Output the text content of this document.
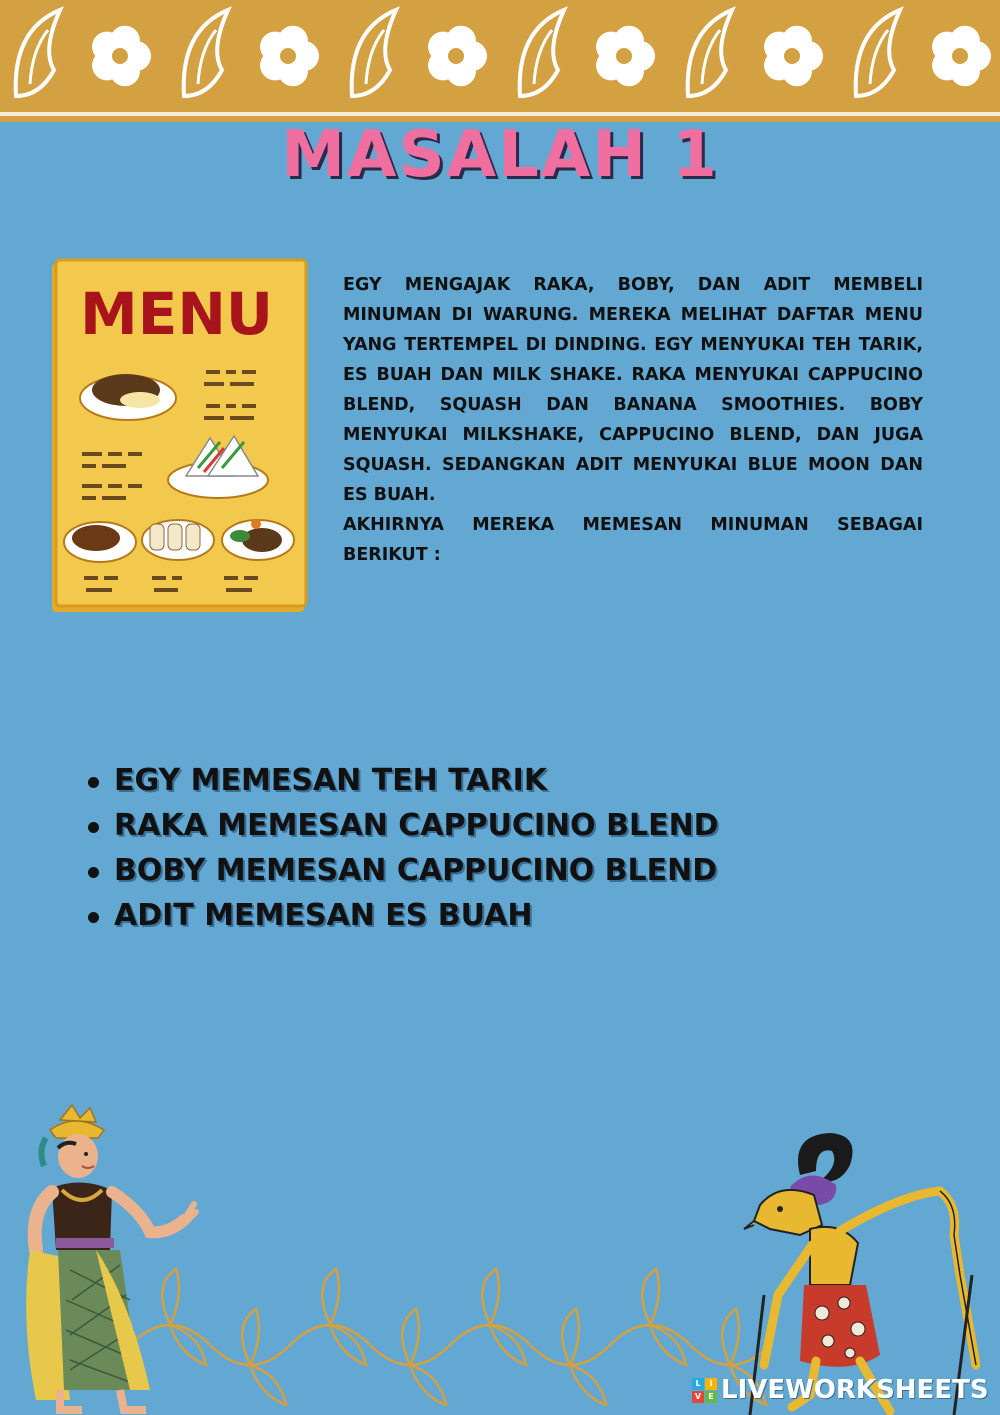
MASALAH 1
MENU	EGY MENGAJAK RAKA, BOBY, DAN ADIT MEMBELI MINUMAN DI WARUNG. MEREKA MELIHAT DAFTAR MENU YANG TERTEMPEL DI DINDING. EGY MENYUKAI TEH TARIK, ES BUAH DAN MILK SHAKE. RAKA MENYUKAI CAPPUCINO BLEND, SQUASH DAN BANANA SMOOTHIES. BOBY MENYUKAI MILKSHAKE, CAPPUCINO BLEND, DAN JUGA SQUASH. SEDANGKAN ADIT MENYUKAI BLUE MOON DAN ES BUAH.

AKHIRNYA MEREKA MEMESAN MINUMAN SEBAGAI BERIKUT :

EGY MEMESAN TEH TARIK
RAKA MEMESAN CAPPUCINO BLEND
BOBY MEMESAN CAPPUCINO BLEND
ADIT MEMESAN ES BUAH
L	I
V E LIVEWORKSHEETS
